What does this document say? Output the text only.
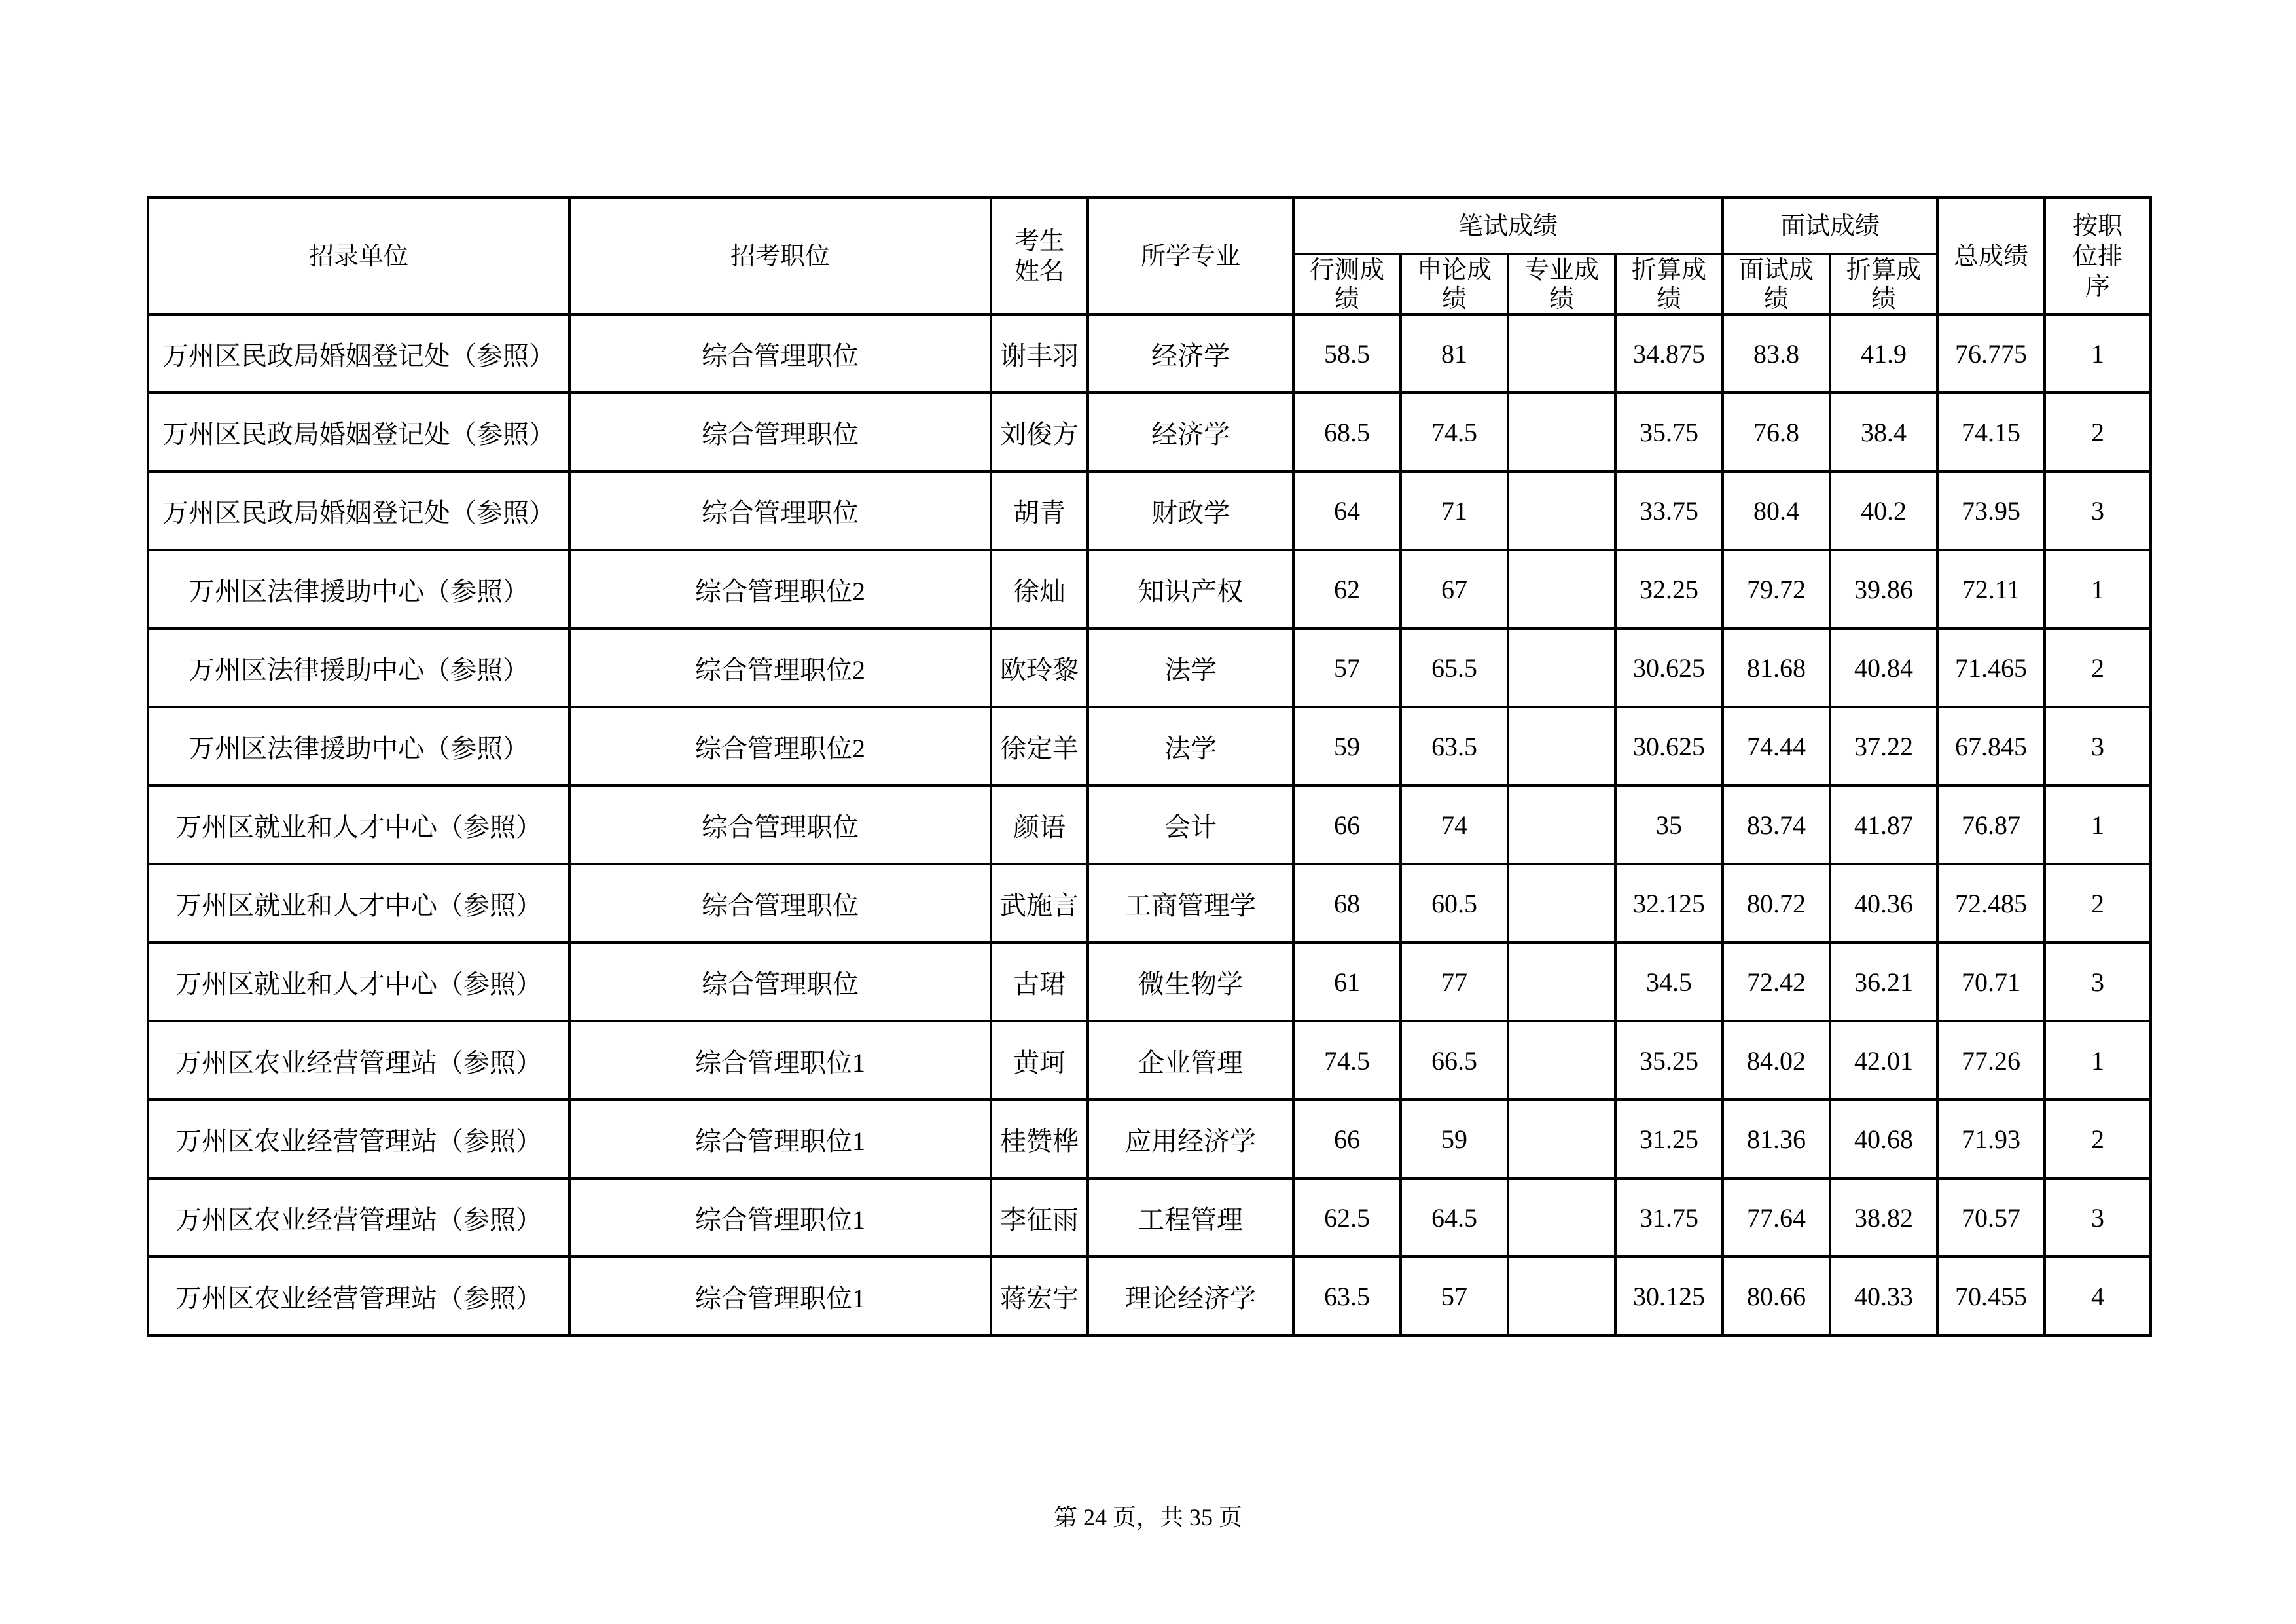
招录单位	招考职位	考生姓名	所学专业	笔试成绩				面试成绩		总成绩	按职位排序
				行测成绩	申论成绩	专业成绩	折算成绩	面试成绩	折算成绩		
万州区民政局婚姻登记处（参照）	综合管理职位	谢丰羽	经济学	58.5	81		34.875	83.8	41.9	76.775	1
万州区民政局婚姻登记处（参照）	综合管理职位	刘俊方	经济学	68.5	74.5		35.75	76.8	38.4	74.15	2
万州区民政局婚姻登记处（参照）	综合管理职位	胡青	财政学	64	71		33.75	80.4	40.2	73.95	3
万州区法律援助中心（参照）	综合管理职位2	徐灿	知识产权	62	67		32.25	79.72	39.86	72.11	1
万州区法律援助中心（参照）	综合管理职位2	欧玲黎	法学	57	65.5		30.625	81.68	40.84	71.465	2
万州区法律援助中心（参照）	综合管理职位2	徐定羊	法学	59	63.5		30.625	74.44	37.22	67.845	3
万州区就业和人才中心（参照）	综合管理职位	颜语	会计	66	74		35	83.74	41.87	76.87	1
万州区就业和人才中心（参照）	综合管理职位	武施言	工商管理学	68	60.5		32.125	80.72	40.36	72.485	2
万州区就业和人才中心（参照）	综合管理职位	古珺	微生物学	61	77		34.5	72.42	36.21	70.71	3
万州区农业经营管理站（参照）	综合管理职位1	黄珂	企业管理	74.5	66.5		35.25	84.02	42.01	77.26	1
万州区农业经营管理站（参照）	综合管理职位1	桂赞桦	应用经济学	66	59		31.25	81.36	40.68	71.93	2
万州区农业经营管理站（参照）	综合管理职位1	李征雨	工程管理	62.5	64.5		31.75	77.64	38.82	70.57	3
万州区农业经营管理站（参照）	综合管理职位1	蒋宏宇	理论经济学	63.5	57		30.125	80.66	40.33	70.455	4
第 24 页，共 35 页
